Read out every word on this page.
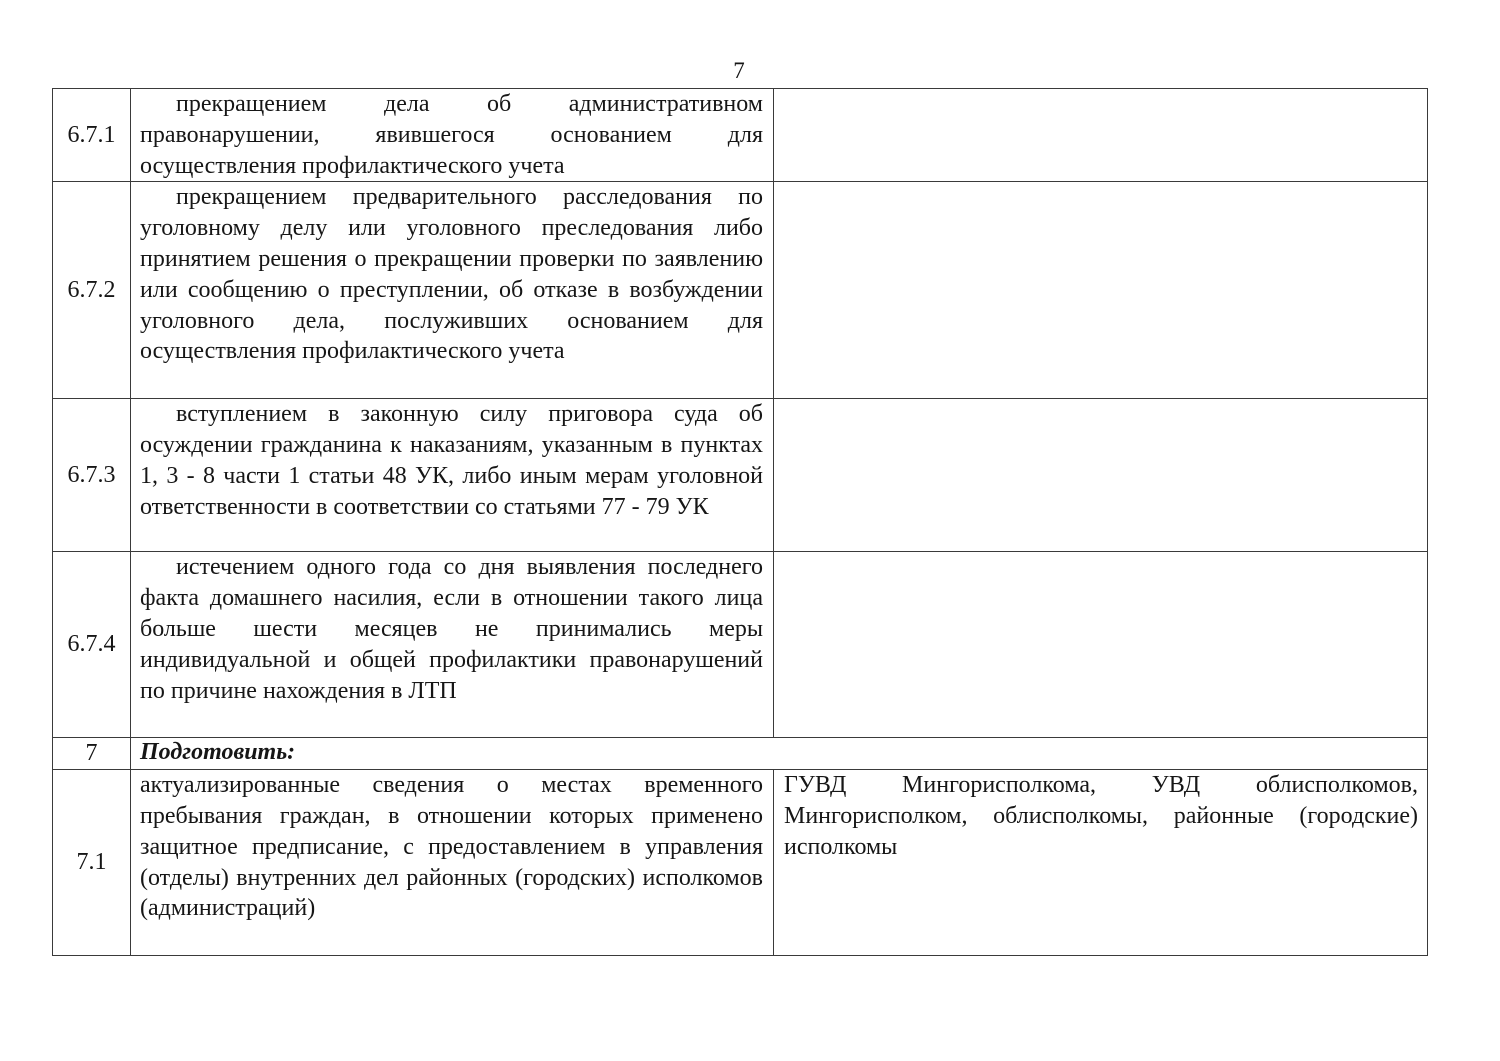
7
6.7.1	прекращением дела об административном правонарушении, явившегося основанием для осуществления профилактического учета	

6.7.2	прекращением предварительного расследования по уголовному делу или уголовного преследования либо принятием решения о прекращении проверки по заявлению или сообщению о преступлении, об отказе в возбуждении уголовного дела, послуживших основанием для осуществления профилактического учета	

6.7.3	вступлением в законную силу приговора суда об осуждении гражданина к наказаниям, указанным в пунктах 1, 3 - 8 части 1 статьи 48 УК, либо иным мерам уголовной ответственности в соответствии со статьями 77 - 79 УК	

6.7.4	истечением одного года со дня выявления последнего факта домашнего насилия, если в отношении такого лица больше шести месяцев не принимались меры индивидуальной и общей профилактики правонарушений по причине нахождения в ЛТП	

7	Подготовить:	
7.1	актуализированные сведения о местах временного пребывания граждан, в отношении которых применено защитное предписание, с предоставлением в управления (отделы) внутренних дел районных (городских) исполкомов (администраций)	ГУВД Мингорисполкома, УВД облисполкомов, Мингорисполком, облисполкомы, районные (городские) исполкомы
